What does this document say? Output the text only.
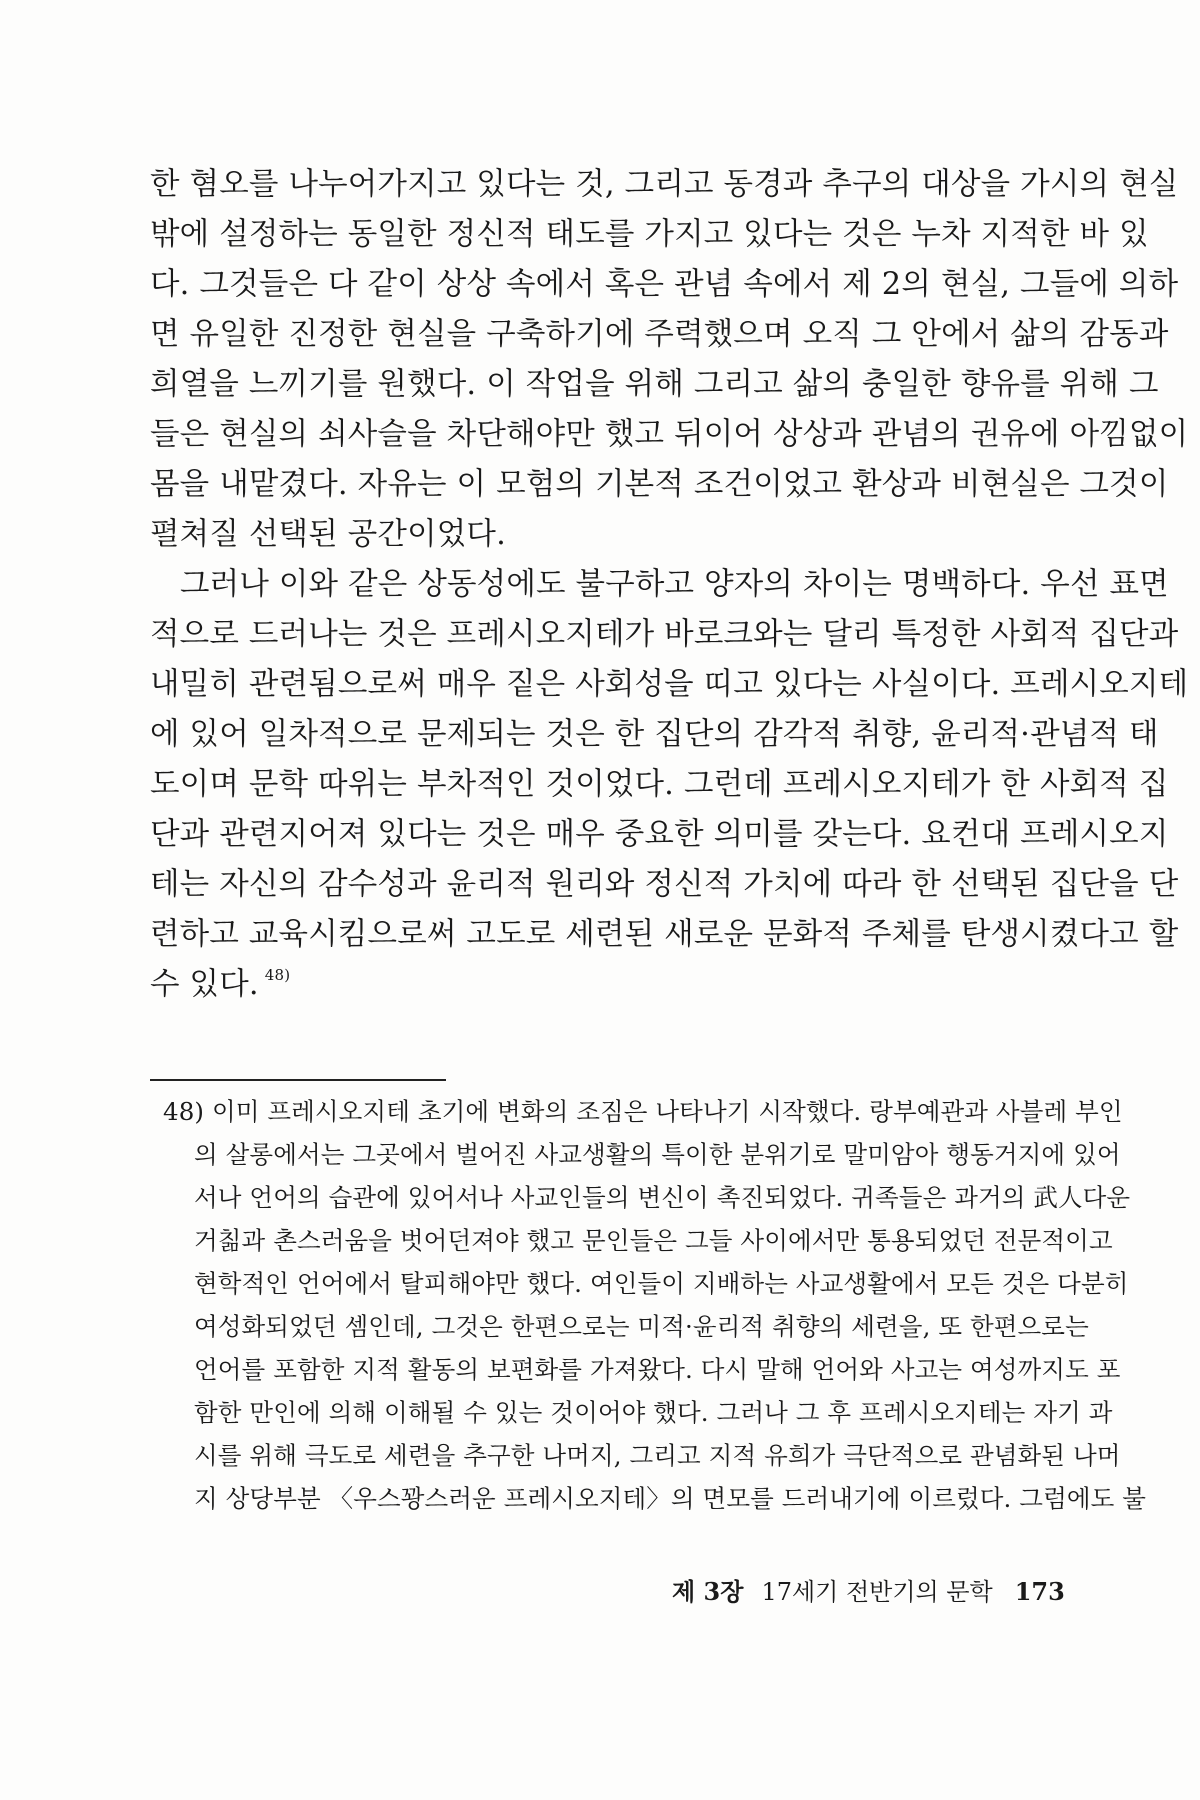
한 혐오를 나누어가지고 있다는 것, 그리고 동경과 추구의 대상을 가시의 현실
밖에 설정하는 동일한 정신적 태도를 가지고 있다는 것은 누차 지적한 바 있
다. 그것들은 다 같이 상상 속에서 혹은 관념 속에서 제 2의 현실, 그들에 의하
면 유일한 진정한 현실을 구축하기에 주력했으며 오직 그 안에서 삶의 감동과
희열을 느끼기를 원했다. 이 작업을 위해 그리고 삶의 충일한 향유를 위해 그
들은 현실의 쇠사슬을 차단해야만 했고 뒤이어 상상과 관념의 권유에 아낌없이
몸을 내맡겼다. 자유는 이 모험의 기본적 조건이었고 환상과 비현실은 그것이
펼쳐질 선택된 공간이었다.
그러나 이와 같은 상동성에도 불구하고 양자의 차이는 명백하다. 우선 표면
적으로 드러나는 것은 프레시오지테가 바로크와는 달리 특정한 사회적 집단과
내밀히 관련됨으로써 매우 짙은 사회성을 띠고 있다는 사실이다. 프레시오지테
에 있어 일차적으로 문제되는 것은 한 집단의 감각적 취향, 윤리적·관념적 태
도이며 문학 따위는 부차적인 것이었다. 그런데 프레시오지테가 한 사회적 집
단과 관련지어져 있다는 것은 매우 중요한 의미를 갖는다. 요컨대 프레시오지
테는 자신의 감수성과 윤리적 원리와 정신적 가치에 따라 한 선택된 집단을 단
련하고 교육시킴으로써 고도로 세련된 새로운 문화적 주체를 탄생시켰다고 할
수 있다. $^{48)}$
48) 이미 프레시오지테 초기에 변화의 조짐은 나타나기 시작했다. 랑부예관과 사블레 부인
의 살롱에서는 그곳에서 벌어진 사교생활의 특이한 분위기로 말미암아 행동거지에 있어
서나 언어의 습관에 있어서나 사교인들의 변신이 촉진되었다. 귀족들은 과거의 武人다운
거칢과 촌스러움을 벗어던져야 했고 문인들은 그들 사이에서만 통용되었던 전문적이고
현학적인 언어에서 탈피해야만 했다. 여인들이 지배하는 사교생활에서 모든 것은 다분히
여성화되었던 셈인데, 그것은 한편으로는 미적·윤리적 취향의 세련을, 또 한편으로는
언어를 포함한 지적 활동의 보편화를 가져왔다. 다시 말해 언어와 사고는 여성까지도 포
함한 만인에 의해 이해될 수 있는 것이어야 했다. 그러나 그 후 프레시오지테는 자기 과
시를 위해 극도로 세련을 추구한 나머지, 그리고 지적 유희가 극단적으로 관념화된 나머
지 상당부분 〈우스꽝스러운 프레시오지테〉의 면모를 드러내기에 이르렀다. 그럼에도 불
제 3장 17세기 전반기의 문학 173
